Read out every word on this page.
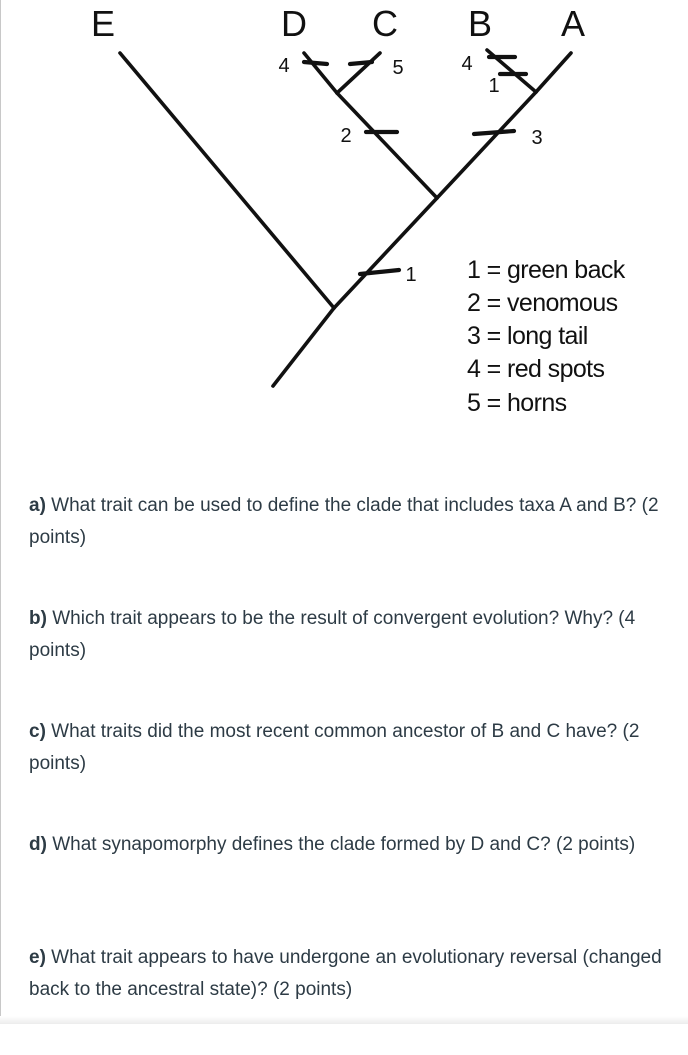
E	D C B A
4	5	4
1
2	3
1 1 = green back
2 = venomous
3 = long tail
4 = red spots
5 = horns
a) What trait can be used to define the clade that includes taxa A and B? (2 points)
b) Which trait appears to be the result of convergent evolution? Why? (4 points)
c) What traits did the most recent common ancestor of B and C have? (2 points)
d) What synapomorphy defines the clade formed by D and C? (2 points)
e) What trait appears to have undergone an evolutionary reversal (changed back to the ancestral state)? (2 points)
